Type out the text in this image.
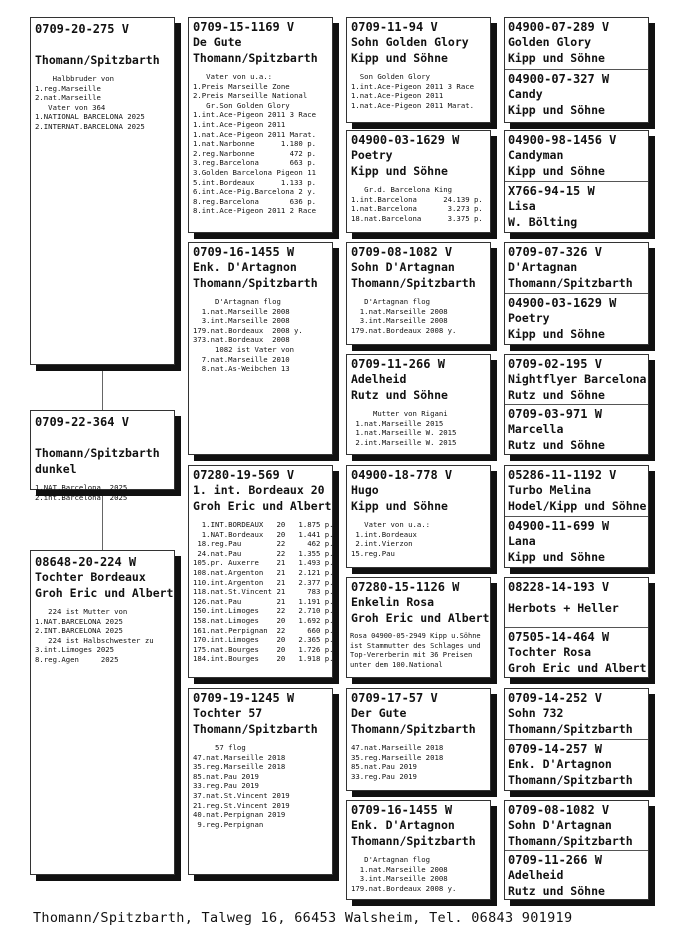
0709-20-275 V
Thomann/Spitzbarth
Halbbruder von
1.reg.Marseille
2.nat.Marseille
Vater von 364
1.NATIONAL BARCELONA 2025
2.INTERNAT.BARCELONA 2025
0709-22-364 V
Thomann/Spitzbarth
dunkel
1.NAT.Barcelona  2025
2.int.Barcelona  2025
08648-20-224 W
Tochter Bordeaux
Groh Eric und Albert
224 ist Mutter von
1.NAT.BARCELONA 2025
2.INT.BARCELONA 2025
224 ist Halbschwester zu
3.int.Limoges 2025
8.reg.Agen     2025
0709-15-1169 V
De Gute
Thomann/Spitzbarth
Vater von u.a.:
1.Preis Marseille Zone
2.Preis Marseille National
Gr.Son Golden Glory
1.int.Ace-Pigeon 2011 3 Race
1.int.Ace-Pigeon 2011
1.nat.Ace-Pigeon 2011 Marat.
1.nat.Narbonne      1.180 p.
2.reg.Narbonne        472 p.
3.reg.Barcelona       663 p.
3.Golden Barcelona Pigeon 11
5.int.Bordeaux      1.133 p.
6.int.Ace-Pig.Barcelona 2 y.
8.reg.Barcelona       636 p.
8.int.Ace-Pigeon 2011 2 Race
0709-16-1455 W
Enk. D'Artagnon
Thomann/Spitzbarth
D'Artagnan flog
1.nat.Marseille 2008
3.int.Marseille 2008
179.nat.Bordeaux  2008 y.
373.nat.Bordeaux  2008
1082 ist Vater von
7.nat.Marseille 2010
8.nat.As-Weibchen 13
07280-19-569 V
1. int. Bordeaux 20
Groh Eric und Albert
1.INT.BORDEAUX   20   1.875 p.
1.NAT.Bordeaux   20   1.441 p.
18.reg.Pau        22     462 p.
24.nat.Pau        22   1.355 p.
105.pr. Auxerre    21   1.493 p.
108.nat.Argenton   21   2.121 p.
110.int.Argenton   21   2.377 p.
118.nat.St.Vincent 21     783 p.
126.nat.Pau        21   1.191 p.
150.int.Limoges    22   2.710 p.
158.nat.Limoges    20   1.692 p.
161.nat.Perpignan  22     660 p.
170.int.Limoges    20   2.365 p.
175.nat.Bourges    20   1.726 p.
184.int.Bourges    20   1.918 p.
0709-19-1245 W
Tochter 57
Thomann/Spitzbarth
57 flog
47.nat.Marseille 2018
35.reg.Marseille 2018
85.nat.Pau 2019
33.reg.Pau 2019
37.nat.St.Vincent 2019
21.reg.St.Vincent 2019
40.nat.Perpignan 2019
9.reg.Perpignan
0709-11-94 V
Sohn Golden Glory
Kipp und Söhne
Son Golden Glory
1.int.Ace-Pigeon 2011 3 Race
1.nat.Ace-Pigeon 2011
1.nat.Ace-Pigeon 2011 Marat.
04900-03-1629 W
Poetry
Kipp und Söhne
Gr.d. Barcelona King
1.int.Barcelona      24.139 p.
1.nat.Barcelona       3.273 p.
18.nat.Barcelona      3.375 p.
0709-08-1082 V
Sohn D'Artagnan
Thomann/Spitzbarth
D'Artagnan flog
1.nat.Marseille 2008
3.int.Marseille 2008
179.nat.Bordeaux 2008 y.
0709-11-266 W
Adelheid
Rutz und Söhne
Mutter von Rigani
1.nat.Marseille 2015
1.nat.Marseille W. 2015
2.int.Marseille W. 2015
04900-18-778 V
Hugo
Kipp und Söhne
Vater von u.a.:
1.int.Bordeaux
2.int.Vierzon
15.reg.Pau
07280-15-1126 W
Enkelin Rosa
Groh Eric und Albert
Rosa 04900-05-2949 Kipp u.Söhne
ist Stammutter des Schlages und
Top-Vererberin mit 36 Preisen
unter dem 100.National
0709-17-57 V
Der Gute
Thomann/Spitzbarth
47.nat.Marseille 2018
35.reg.Marseille 2018
85.nat.Pau 2019
33.reg.Pau 2019
0709-16-1455 W
Enk. D'Artagnon
Thomann/Spitzbarth
D'Artagnan flog
1.nat.Marseille 2008
3.int.Marseille 2008
179.nat.Bordeaux 2008 y.
04900-07-289 V
Golden Glory
Kipp und Söhne
04900-07-327 W
Candy
Kipp und Söhne
04900-98-1456 V
Candyman
Kipp und Söhne
X766-94-15 W
Lisa
W. Bölting
0709-07-326 V
D'Artagnan
Thomann/Spitzbarth
04900-03-1629 W
Poetry
Kipp und Söhne
0709-02-195 V
Nightflyer Barcelona
Rutz und Söhne
0709-03-971 W
Marcella
Rutz und Söhne
05286-11-1192 V
Turbo Melina
Hodel/Kipp und Söhne
04900-11-699 W
Lana
Kipp und Söhne
08228-14-193 V
Herbots + Heller
07505-14-464 W
Tochter Rosa
Groh Eric und Albert
0709-14-252 V
Sohn 732
Thomann/Spitzbarth
0709-14-257 W
Enk. D'Artagnon
Thomann/Spitzbarth
0709-08-1082 V
Sohn D'Artagnan
Thomann/Spitzbarth
0709-11-266 W
Adelheid
Rutz und Söhne
Thomann/Spitzbarth, Talweg 16, 66453 Walsheim, Tel. 06843 901919
